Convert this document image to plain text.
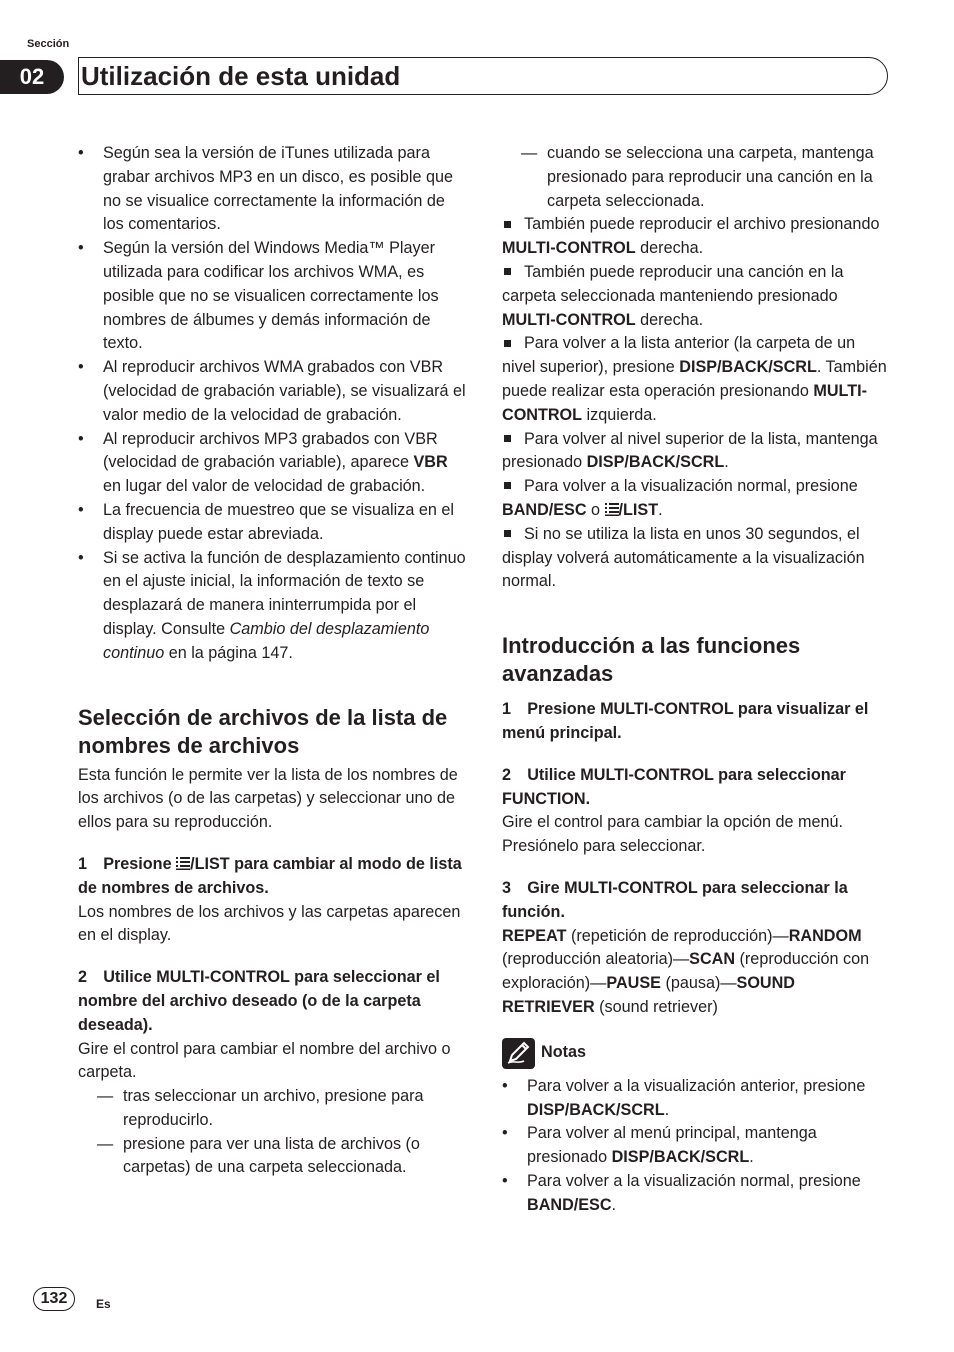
Sección
02	Utilización de esta unidad
• Según sea la versión de iTunes utilizada para grabar archivos MP3 en un disco, es posible que no se visualice correctamente la información de los comentarios.
• Según la versión del Windows Media™ Player utilizada para codificar los archivos WMA, es posible que no se visualicen correctamente los nombres de álbumes y demás información de texto.
• Al reproducir archivos WMA grabados con VBR (velocidad de grabación variable), se visualizará el valor medio de la velocidad de grabación.
• Al reproducir archivos MP3 grabados con VBR (velocidad de grabación variable), aparece VBR en lugar del valor de velocidad de grabación.
• La frecuencia de muestreo que se visualiza en el display puede estar abreviada.
• Si se activa la función de desplazamiento continuo en el ajuste inicial, la información de texto se desplazará de manera ininterrumpida por el display. Consulte Cambio del desplazamiento continuo en la página 147.
Selección de archivos de la lista de nombres de archivos

Esta función le permite ver la lista de los nombres de los archivos (o de las carpetas) y seleccionar uno de ellos para su reproducción.

1  Presione /LIST para cambiar al modo de lista de nombres de archivos.

Los nombres de los archivos y las carpetas aparecen en el display.

2  Utilice MULTI-CONTROL para seleccionar el nombre del archivo deseado (o de la carpeta deseada).

Gire el control para cambiar el nombre del archivo o carpeta.

— tras seleccionar un archivo, presione para reproducirlo.
— presione para ver una lista de archivos (o carpetas) de una carpeta seleccionada.
— cuando se selecciona una carpeta, mantenga presionado para reproducir una canción en la carpeta seleccionada.

También puede reproducir el archivo presionando MULTI-CONTROL derecha.

También puede reproducir una canción en la carpeta seleccionada manteniendo presionado MULTI-CONTROL derecha.

Para volver a la lista anterior (la carpeta de un nivel superior), presione DISP/BACK/SCRL. También puede realizar esta operación presionando MULTI-CONTROL izquierda.

Para volver al nivel superior de la lista, mantenga presionado DISP/BACK/SCRL.

Para volver a la visualización normal, presione BAND/ESC o /LIST.

Si no se utiliza la lista en unos 30 segundos, el display volverá automáticamente a la visualización normal.

Introducción a las funciones avanzadas

1  Presione MULTI-CONTROL para visualizar el menú principal.

2  Utilice MULTI-CONTROL para seleccionar FUNCTION.

Gire el control para cambiar la opción de menú. Presiónelo para seleccionar.

3  Gire MULTI-CONTROL para seleccionar la función.

REPEAT (repetición de reproducción)—RANDOM (reproducción aleatoria)—SCAN (reproducción con exploración)—PAUSE (pausa)—SOUND RETRIEVER (sound retriever)

Notas
• Para volver a la visualización anterior, presione DISP/BACK/SCRL.
• Para volver al menú principal, mantenga presionado DISP/BACK/SCRL.
• Para volver a la visualización normal, presione BAND/ESC.
132	Es
